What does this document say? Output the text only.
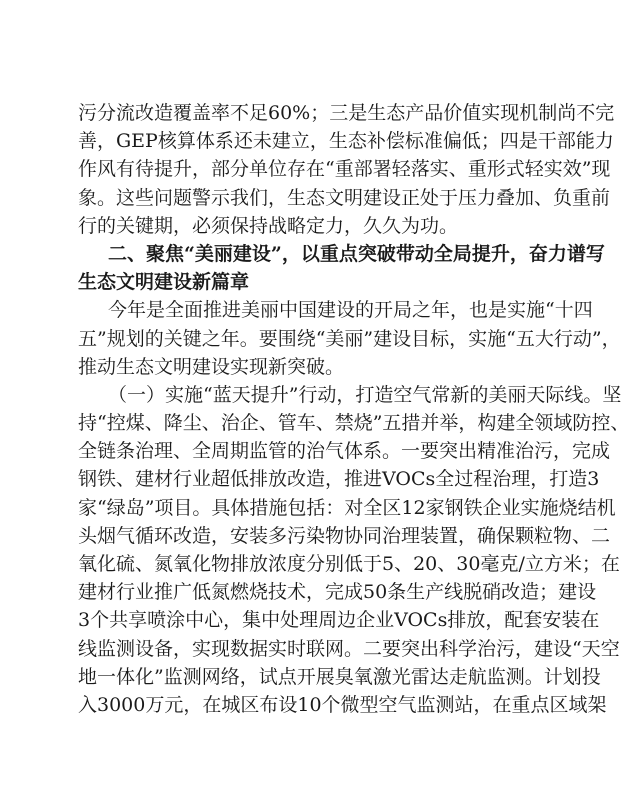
污分流改造覆盖率不足60%；三是生态产品价值实现机制尚不完
善，GEP核算体系还未建立，生态补偿标准偏低；四是干部能力
作风有待提升，部分单位存在“重部署轻落实、重形式轻实效”现
象。这些问题警示我们，生态文明建设正处于压力叠加、负重前
行的关键期，必须保持战略定力，久久为功。
二、聚焦“美丽建设”，以重点突破带动全局提升，奋力谱写
生态文明建设新篇章
今年是全面推进美丽中国建设的开局之年，也是实施“十四
五”规划的关键之年。要围绕“美丽”建设目标，实施“五大行动”，
推动生态文明建设实现新突破。
（一）实施“蓝天提升”行动，打造空气常新的美丽天际线。坚
持“控煤、降尘、治企、管车、禁烧”五措并举，构建全领域防控、
全链条治理、全周期监管的治气体系。一要突出精准治污，完成
钢铁、建材行业超低排放改造，推进VOCs全过程治理，打造3
家“绿岛”项目。具体措施包括：对全区12家钢铁企业实施烧结机
头烟气循环改造，安装多污染物协同治理装置，确保颗粒物、二
氧化硫、氮氧化物排放浓度分别低于5、20、30毫克/立方米；在
建材行业推广低氮燃烧技术，完成50条生产线脱硝改造；建设
3个共享喷涂中心，集中处理周边企业VOCs排放，配套安装在
线监测设备，实现数据实时联网。二要突出科学治污，建设“天空
地一体化”监测网络，试点开展臭氧激光雷达走航监测。计划投
入3000万元，在城区布设10个微型空气监测站，在重点区域架
